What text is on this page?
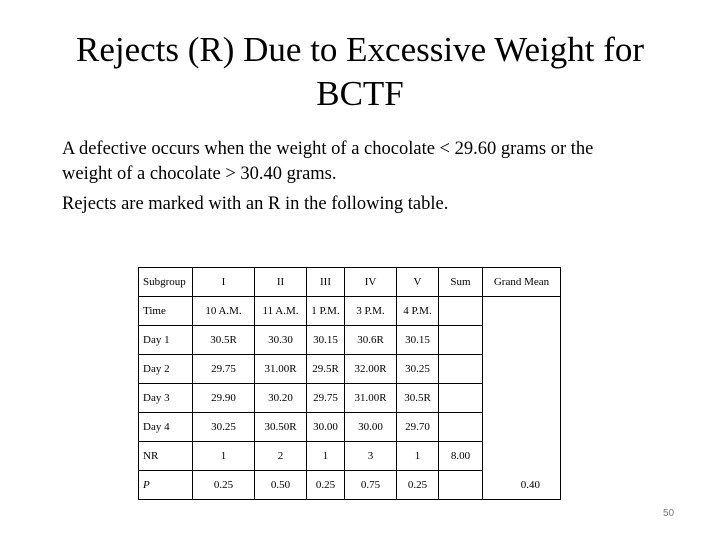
Rejects (R) Due to Excessive Weight for
BCTF

A defective occurs when the weight of a chocolate < 29.60 grams or the

weight of a chocolate > 30.40 grams.

Rejects are marked with an R in the following table.

Subgroup	I	II	III	IV	V	Sum	Grand Mean
Time	10 A.M.	11 A.M.	1 P.M.	3 P.M.	4 P.M.		
Day 1	30.5R	30.30	30.15	30.6R	30.15		
Day 2	29.75	31.00R	29.5R	32.00R	30.25		
Day 3	29.90	30.20	29.75	31.00R	30.5R		
Day 4	30.25	30.50R	30.00	30.00	29.70		
NR	1	2	1	3	1	8.00	
P	0.25	0.50	0.25	0.75	0.25		0.40
50
